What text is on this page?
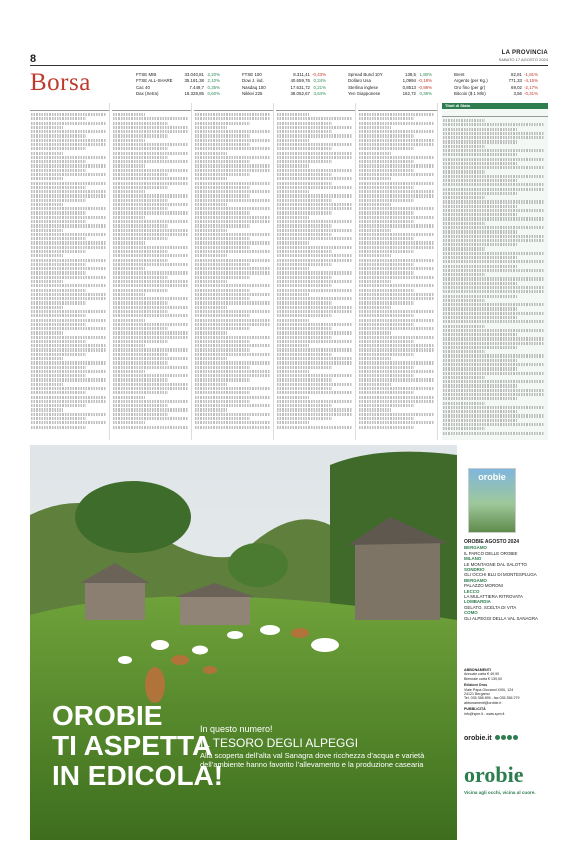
8	LA PROVINCIA
SABATO 17 AGOSTO 2024
Borsa	FTSE MIB	33.040,81 2,20%
FTSE ALL-SHARE	35.181,38 2,10%
Cac 40	7.449,7 0,35%
Dax (Xetra)	18.328,85 0,60%
FTSE 100	8.311,41 -0,43%
Dow J. ind.	40.659,76 0,24%
Nasdaq 100	17.631,72 0,21%
Nikkei 225	38.062,67 3,64%
Spread Bund 10Y	138,5 1,80%
Dollaro Usa	1,0994 -0,18%
Sterlina inglese	0,8513 -0,98%
Yen Giapponese	162,72 0,36%
Brent	82,81 -1,81%
Argento (per Kg.)	771,33 -4,15%
Oro fino (per gr)	69,02 -2,17%
Bitcoin ($ 1 Mln)	3,56 -0,31%
Titoli di Stato
OROBIE
TI ASPETTA
IN EDICOLA!
In questo numero!
IL TESORO DEGLI ALPEGGI
Alla scoperta dell’alta val Sanagra dove ricchezza d’acqua e varietà dell’ambiente hanno favorito l’allevamento e la produzione casearia
orobie
OROBIE AGOSTO 2024
BERGAMO
IL PARCO DELLE OROBIE
MILANO
LE MONTAGNE DAL SALOTTO
SONDRIO
GLI OCCHI BLU DI MONTESPLUGA
BERGAMO
PALAZZO MORONI
LECCO
LA MULATTIERA RITROVATA
LOMBARDIA
GELATO, SCELTA DI VITA
COMO
GLI ALPEGGI DELLA VAL SANAGRA
ABBONAMENTI
Annuale carta € 49,90
Biennale carta € 139,00
Edizioni Oros
Viale Papa Giovanni XXIII, 124
24121 Bergamo
Tel. 035 358 899 - fax 035 356 279
abbonamenti@orobie.it
PUBBLICITÀ
info@spm.it - www.spm.it
orobie.it
orobie
Vicina agli occhi, vicina al cuore.
